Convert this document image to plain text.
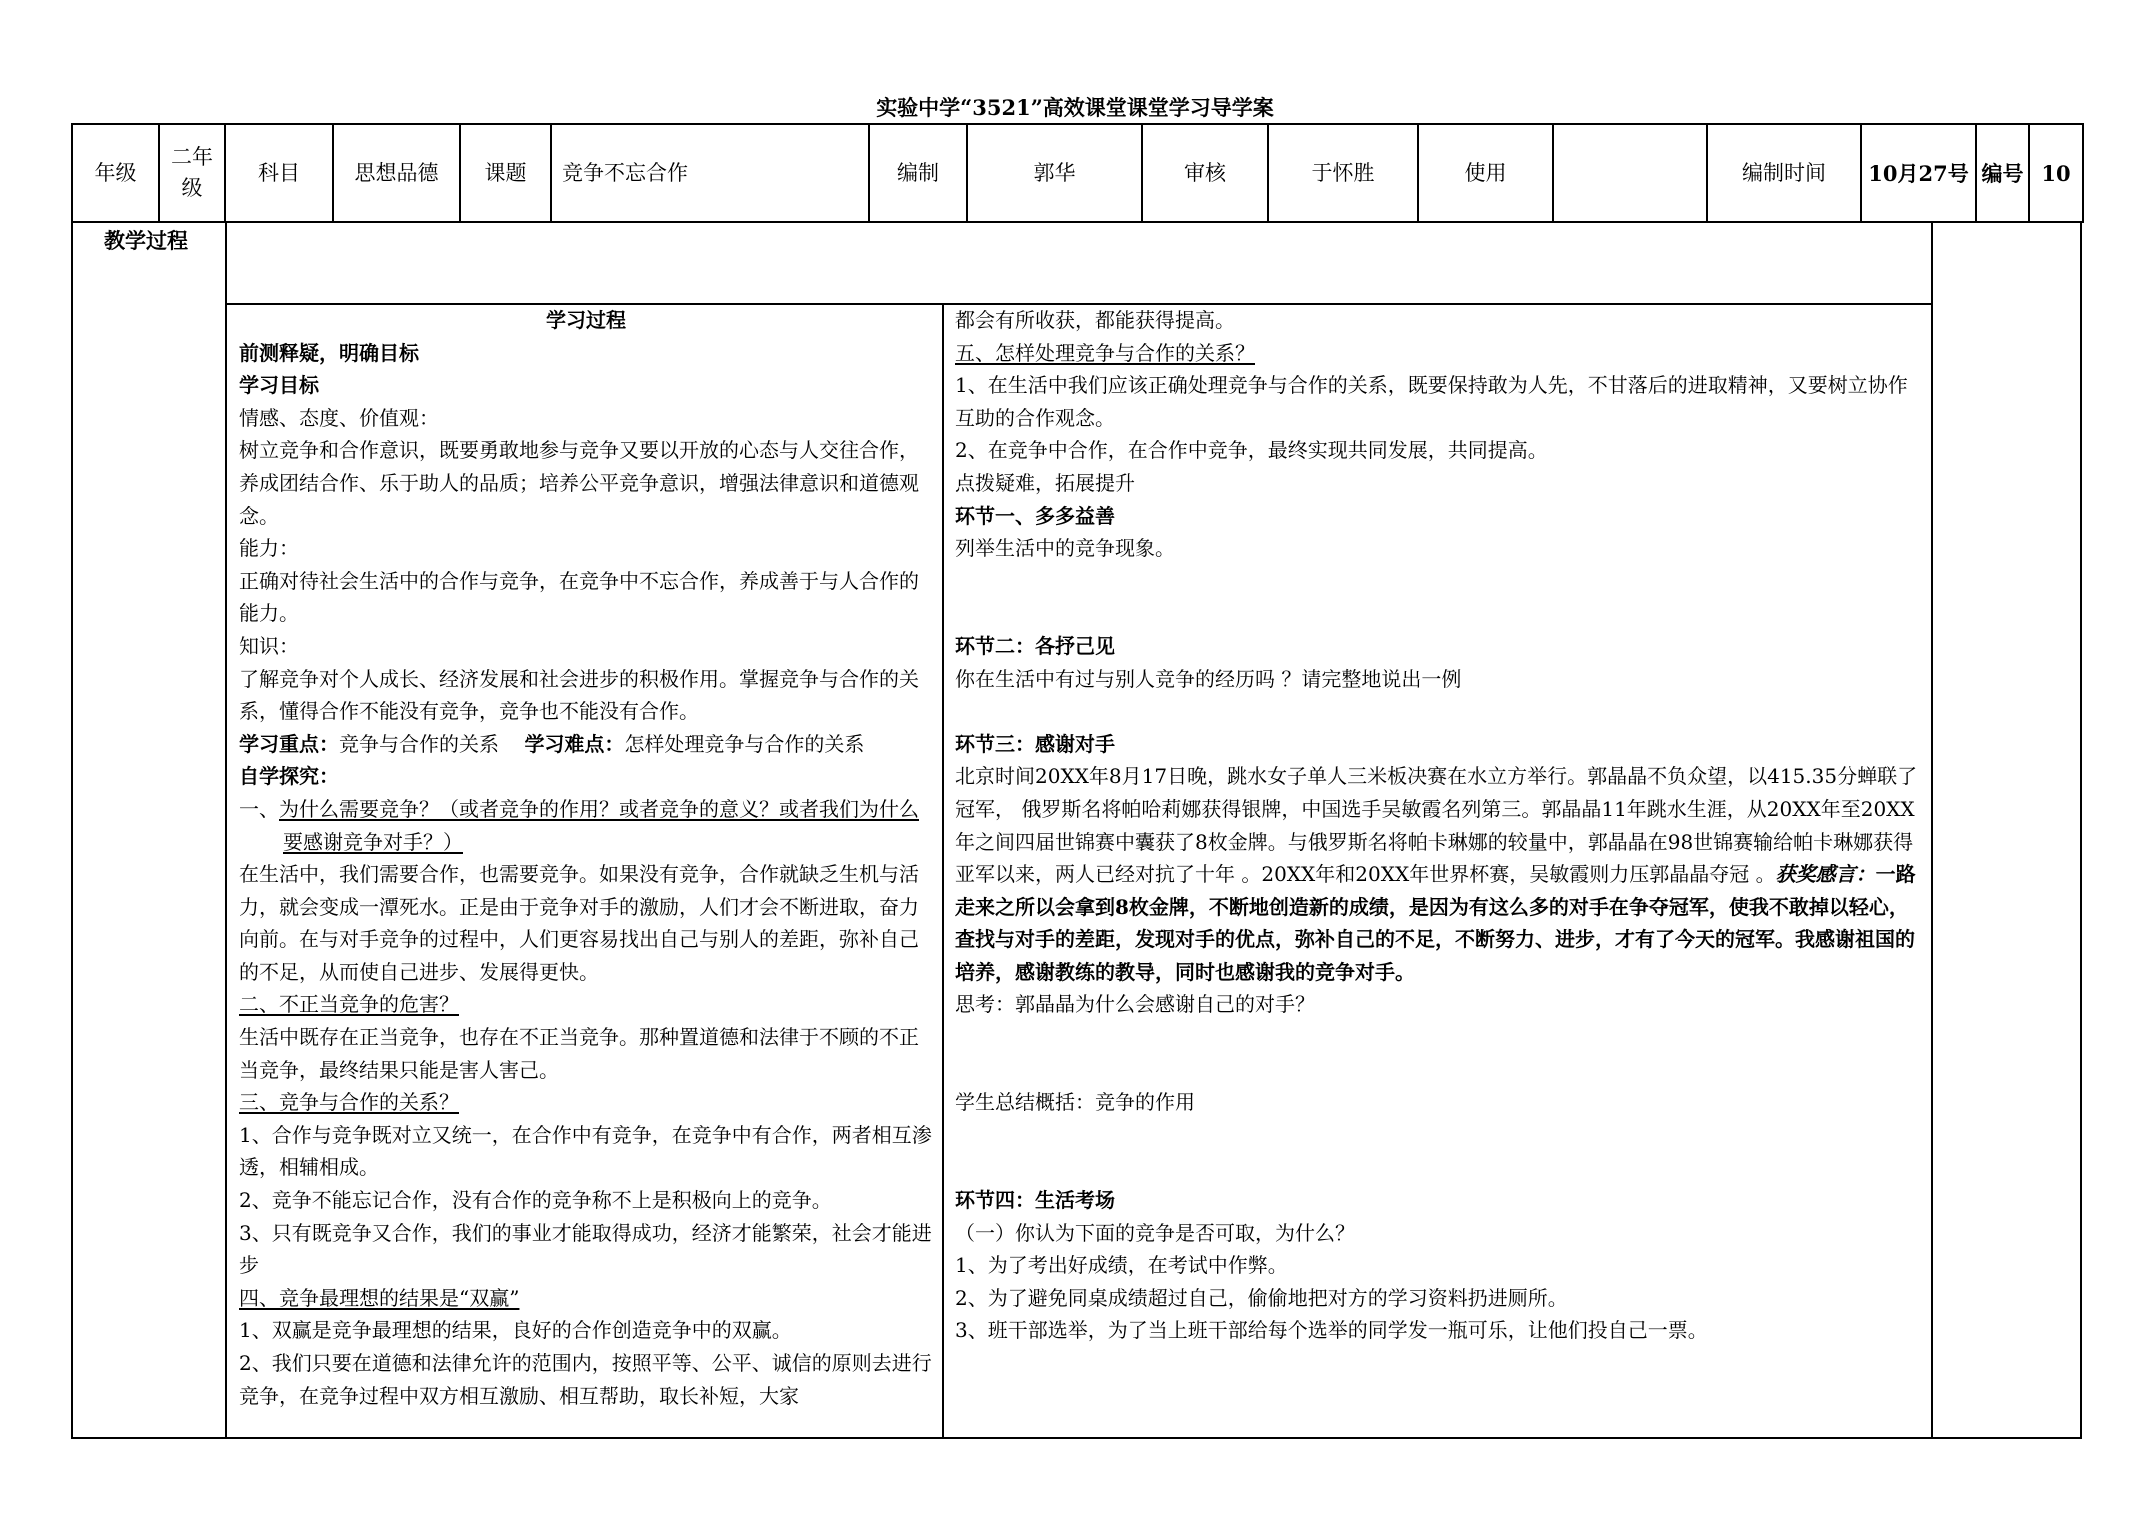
实验中学“3521”高效课堂课堂学习导学案
年级	二年级	科目	思想品德	课题	竞争不忘合作	编制	郭华	审核	于怀胜	使用		编制时间	10月27号	编号	10
教学过程

学习过程

前测释疑，明确目标

学习目标

情感、态度、价值观：

树立竞争和合作意识，既要勇敢地参与竞争又要以开放的心态与人交往合作，养成团结合作、乐于助人的品质；培养公平竞争意识，增强法律意识和道德观念。

能力：

正确对待社会生活中的合作与竞争，在竞争中不忘合作，养成善于与人合作的能力。

知识：

了解竞争对个人成长、经济发展和社会进步的积极作用。掌握竞争与合作的关系，懂得合作不能没有竞争，竞争也不能没有合作。

学习重点：竞争与合作的关系 学习难点：怎样处理竞争与合作的关系

自学探究：

一、为什么需要竞争？（或者竞争的作用？或者竞争的意义？或者我们为什么要感谢竞争对手？）

在生活中，我们需要合作，也需要竞争。如果没有竞争，合作就缺乏生机与活力，就会变成一潭死水。正是由于竞争对手的激励，人们才会不断进取，奋力向前。在与对手竞争的过程中，人们更容易找出自己与别人的差距，弥补自己的不足，从而使自己进步、发展得更快。

二、不正当竞争的危害？

生活中既存在正当竞争，也存在不正当竞争。那种置道德和法律于不顾的不正当竞争，最终结果只能是害人害己。

三、竞争与合作的关系？

1、合作与竞争既对立又统一，在合作中有竞争，在竞争中有合作，两者相互渗透，相辅相成。

2、竞争不能忘记合作，没有合作的竞争称不上是积极向上的竞争。

3、只有既竞争又合作，我们的事业才能取得成功，经济才能繁荣，社会才能进步

四、竞争最理想的结果是“双赢”

1、双赢是竞争最理想的结果，良好的合作创造竞争中的双赢。

2、我们只要在道德和法律允许的范围内，按照平等、公平、诚信的原则去进行竞争，在竞争过程中双方相互激励、相互帮助，取长补短，大家

都会有所收获，都能获得提高。

五、怎样处理竞争与合作的关系？

1、在生活中我们应该正确处理竞争与合作的关系，既要保持敢为人先，不甘落后的进取精神，又要树立协作互助的合作观念。

2、在竞争中合作，在合作中竞争，最终实现共同发展，共同提高。

点拨疑难，拓展提升

环节一、多多益善

列举生活中的竞争现象。

环节二：各抒己见

你在生活中有过与别人竞争的经历吗 ？请完整地说出一例

环节三：感谢对手

北京时间20XX年8月17日晚，跳水女子单人三米板决赛在水立方举行。郭晶晶不负众望，以415.35分蝉联了冠军， 俄罗斯名将帕哈莉娜获得银牌，中国选手吴敏霞名列第三。郭晶晶11年跳水生涯，从20XX年至20XX年之间四届世锦赛中囊获了8枚金牌。与俄罗斯名将帕卡琳娜的较量中，郭晶晶在98世锦赛输给帕卡琳娜获得亚军以来，两人已经对抗了十年 。20XX年和20XX年世界杯赛，吴敏霞则力压郭晶晶夺冠 。获奖感言：一路走来之所以会拿到8枚金牌，不断地创造新的成绩，是因为有这么多的对手在争夺冠军，使我不敢掉以轻心，查找与对手的差距，发现对手的优点，弥补自己的不足，不断努力、进步，才有了今天的冠军。我感谢祖国的培养，感谢教练的教导，同时也感谢我的竞争对手。

思考：郭晶晶为什么会感谢自己的对手？

学生总结概括：竞争的作用

环节四：生活考场

（一）你认为下面的竞争是否可取，为什么？

1、为了考出好成绩，在考试中作弊。

2、为了避免同桌成绩超过自己，偷偷地把对方的学习资料扔进厕所。

3、班干部选举，为了当上班干部给每个选举的同学发一瓶可乐，让他们投自己一票。
